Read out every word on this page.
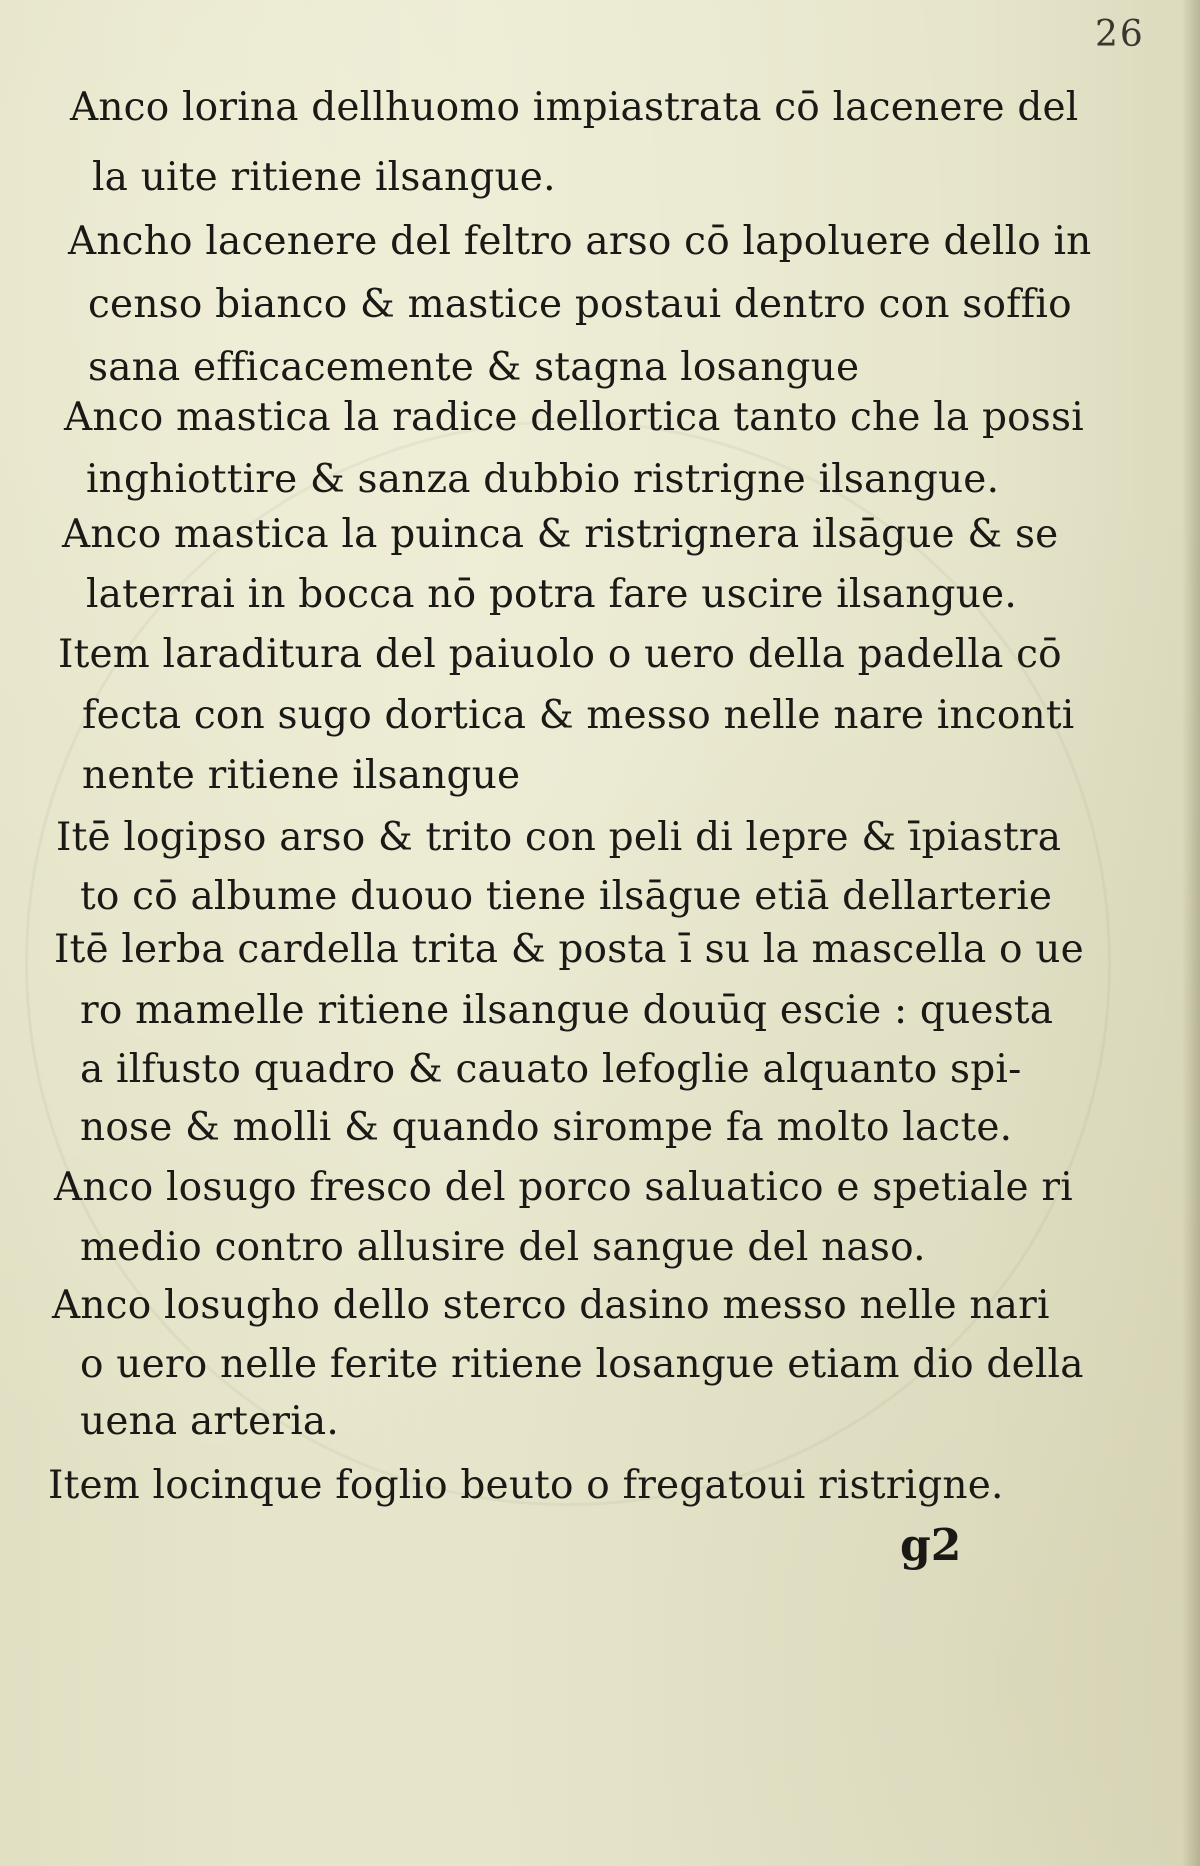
26
Anco lorina dellhuomo impiastrata cō lacenere del
la uite ritiene ilsangue.
Ancho lacenere del feltro arso cō lapoluere dello in
censo bianco & mastice postaui dentro con soffio
sana efficacemente & stagna losangue
Anco mastica la radice dellortica tanto che la possi
inghiottire & sanza dubbio ristrigne ilsangue.
Anco mastica la puinca & ristrignera ilsāgue & se
laterrai in bocca nō potra fare uscire ilsangue.
Item laraditura del paiuolo o uero della padella cō
fecta con sugo dortica & messo nelle nare inconti
nente ritiene ilsangue
Itē logipso arso & trito con peli di lepre & īpiastra
to cō albume duouo tiene ilsāgue etiā dellarterie
Itē lerba cardella trita & posta ī su la mascella o ue
ro mamelle ritiene ilsangue douūq escie : questa
a ilfusto quadro & cauato lefoglie alquanto spi-
nose & molli & quando sirompe fa molto lacte.
Anco losugo fresco del porco saluatico e spetiale ri
medio contro allusire del sangue del naso.
Anco losugho dello sterco dasino messo nelle nari
o uero nelle ferite ritiene losangue etiam dio della
uena arteria.
Item locinque foglio beuto o fregatoui ristrigne.
g2
